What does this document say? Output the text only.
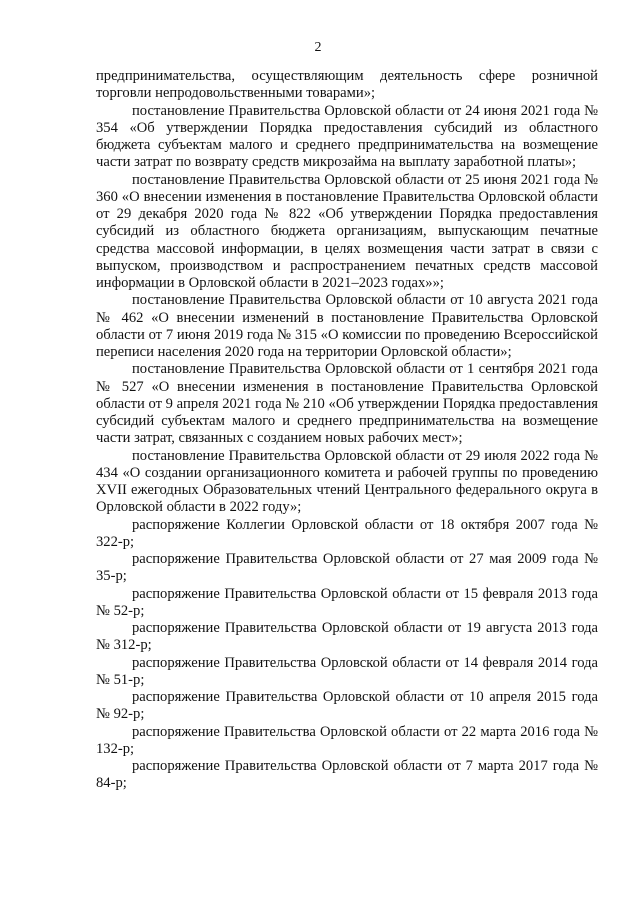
2

предпринимательства, осуществляющим деятельность сфере розничной торговли непродовольственными товарами»;

постановление Правительства Орловской области от 24 июня 2021 года № 354 «Об утверждении Порядка предоставления субсидий из областного бюджета субъектам малого и среднего предпринимательства на возмещение части затрат по возврату средств микрозайма на выплату заработной платы»;

постановление Правительства Орловской области от 25 июня 2021 года № 360 «О внесении изменения в постановление Правительства Орловской области от 29 декабря 2020 года № 822 «Об утверждении Порядка предоставления субсидий из областного бюджета организациям, выпускающим печатные средства массовой информации, в целях возмещения части затрат в связи с выпуском, производством и распространением печатных средств массовой информации в Орловской области в 2021–2023 годах»»;

постановление Правительства Орловской области от 10 августа 2021 года № 462 «О внесении изменений в постановление Правительства Орловской области от 7 июня 2019 года № 315 «О комиссии по проведению Всероссийской переписи населения 2020 года на территории Орловской области»;

постановление Правительства Орловской области от 1 сентября 2021 года № 527 «О внесении изменения в постановление Правительства Орловской области от 9 апреля 2021 года № 210 «Об утверждении Порядка предоставления субсидий субъектам малого и среднего предпринимательства на возмещение части затрат, связанных с созданием новых рабочих мест»;

постановление Правительства Орловской области от 29 июля 2022 года № 434 «О создании организационного комитета и рабочей группы по проведению XVII ежегодных Образовательных чтений Центрального федерального округа в Орловской области в 2022 году»;

распоряжение Коллегии Орловской области от 18 октября 2007 года № 322-р;

распоряжение Правительства Орловской области от 27 мая 2009 года № 35-р;

распоряжение Правительства Орловской области от 15 февраля 2013 года № 52-р;

распоряжение Правительства Орловской области от 19 августа 2013 года № 312-р;

распоряжение Правительства Орловской области от 14 февраля 2014 года № 51-р;

распоряжение Правительства Орловской области от 10 апреля 2015 года № 92-р;

распоряжение Правительства Орловской области от 22 марта 2016 года № 132-р;

распоряжение Правительства Орловской области от 7 марта 2017 года № 84-р;
